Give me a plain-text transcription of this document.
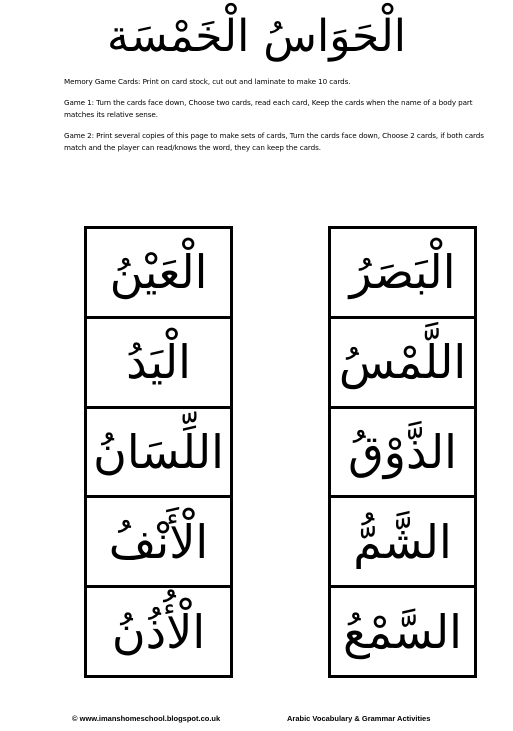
الْحَوَاسُ الْخَمْسَة

Memory Game Cards: Print on card stock, cut out and laminate to make 10 cards.

Game 1: Turn the cards face down, Choose two cards, read each card, Keep the cards when the name of a body part matches its relative sense.

Game 2: Print several copies of this page to make sets of cards, Turn the cards face down, Choose 2 cards, if both cards match and the player can read/knows the word, they can keep the cards.

الْعَيْنُ
الْيَدُ
اللِّسَانُ
الْأَنْفُ
الْأُذُنُ
الْبَصَرُ
اللَّمْسُ
الذَّوْقُ
الشَّمُّ
السَّمْعُ
© www.imanshomeschool.blogspot.co.uk	Arabic Vocabulary & Grammar Activities
